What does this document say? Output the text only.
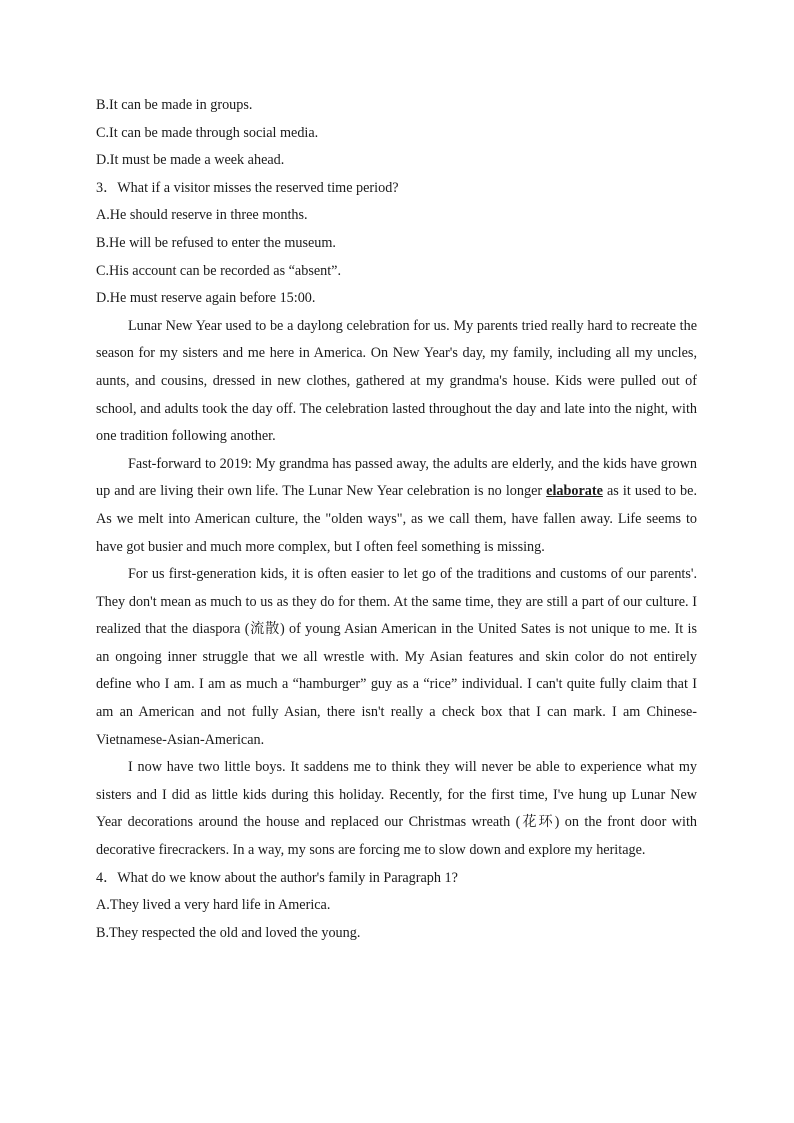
B.It can be made in groups.
C.It can be made through social media.
D.It must be made a week ahead.
3．What if a visitor misses the reserved time period?
A.He should reserve in three months.
B.He will be refused to enter the museum.
C.His account can be recorded as “absent”.
D.He must reserve again before 15:00.

Lunar New Year used to be a daylong celebration for us. My parents tried really hard to recreate the season for my sisters and me here in America. On New Year's day, my family, including all my uncles, aunts, and cousins, dressed in new clothes, gathered at my grandma's house. Kids were pulled out of school, and adults took the day off. The celebration lasted throughout the day and late into the night, with one tradition following another.

Fast-forward to 2019: My grandma has passed away, the adults are elderly, and the kids have grown up and are living their own life. The Lunar New Year celebration is no longer elaborate as it used to be. As we melt into American culture, the "olden ways", as we call them, have fallen away. Life seems to have got busier and much more complex, but I often feel something is missing.

For us first-generation kids, it is often easier to let go of the traditions and customs of our parents'. They don't mean as much to us as they do for them. At the same time, they are still a part of our culture. I realized that the diaspora (流散) of young Asian American in the United Sates is not unique to me. It is an ongoing inner struggle that we all wrestle with. My Asian features and skin color do not entirely define who I am. I am as much a “hamburger” guy as a “rice” individual. I can't quite fully claim that I am an American and not fully Asian, there isn't really a check box that I can mark. I am Chinese-Vietnamese-Asian-American.

I now have two little boys. It saddens me to think they will never be able to experience what my sisters and I did as little kids during this holiday. Recently, for the first time, I've hung up Lunar New Year decorations around the house and replaced our Christmas wreath (花环) on the front door with decorative firecrackers. In a way, my sons are forcing me to slow down and explore my heritage.

4．What do we know about the author's family in Paragraph 1?
A.They lived a very hard life in America.
B.They respected the old and loved the young.
